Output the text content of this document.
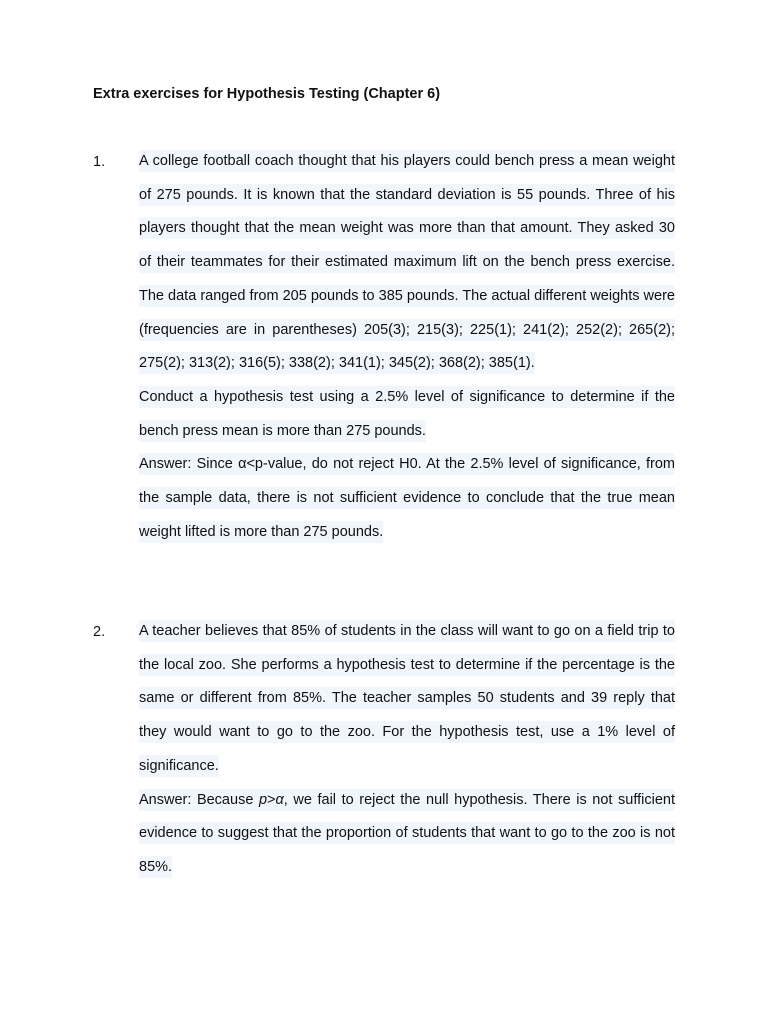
Extra exercises for Hypothesis Testing (Chapter 6)
1. A college football coach thought that his players could bench press a mean weight of 275 pounds. It is known that the standard deviation is 55 pounds. Three of his players thought that the mean weight was more than that amount. They asked 30 of their teammates for their estimated maximum lift on the bench press exercise. The data ranged from 205 pounds to 385 pounds. The actual different weights were (frequencies are in parentheses) 205(3); 215(3); 225(1); 241(2); 252(2); 265(2); 275(2); 313(2); 316(5); 338(2); 341(1); 345(2); 368(2); 385(1).

Conduct a hypothesis test using a 2.5% level of significance to determine if the bench press mean is more than 275 pounds.

Answer: Since α<p-value, do not reject H0. At the 2.5% level of significance, from the sample data, there is not sufficient evidence to conclude that the true mean weight lifted is more than 275 pounds.

2. A teacher believes that 85% of students in the class will want to go on a field trip to the local zoo. She performs a hypothesis test to determine if the percentage is the same or different from 85%. The teacher samples 50 students and 39 reply that they would want to go to the zoo. For the hypothesis test, use a 1% level of significance.

Answer: Because p>α, we fail to reject the null hypothesis. There is not sufficient evidence to suggest that the proportion of students that want to go to the zoo is not 85%.
